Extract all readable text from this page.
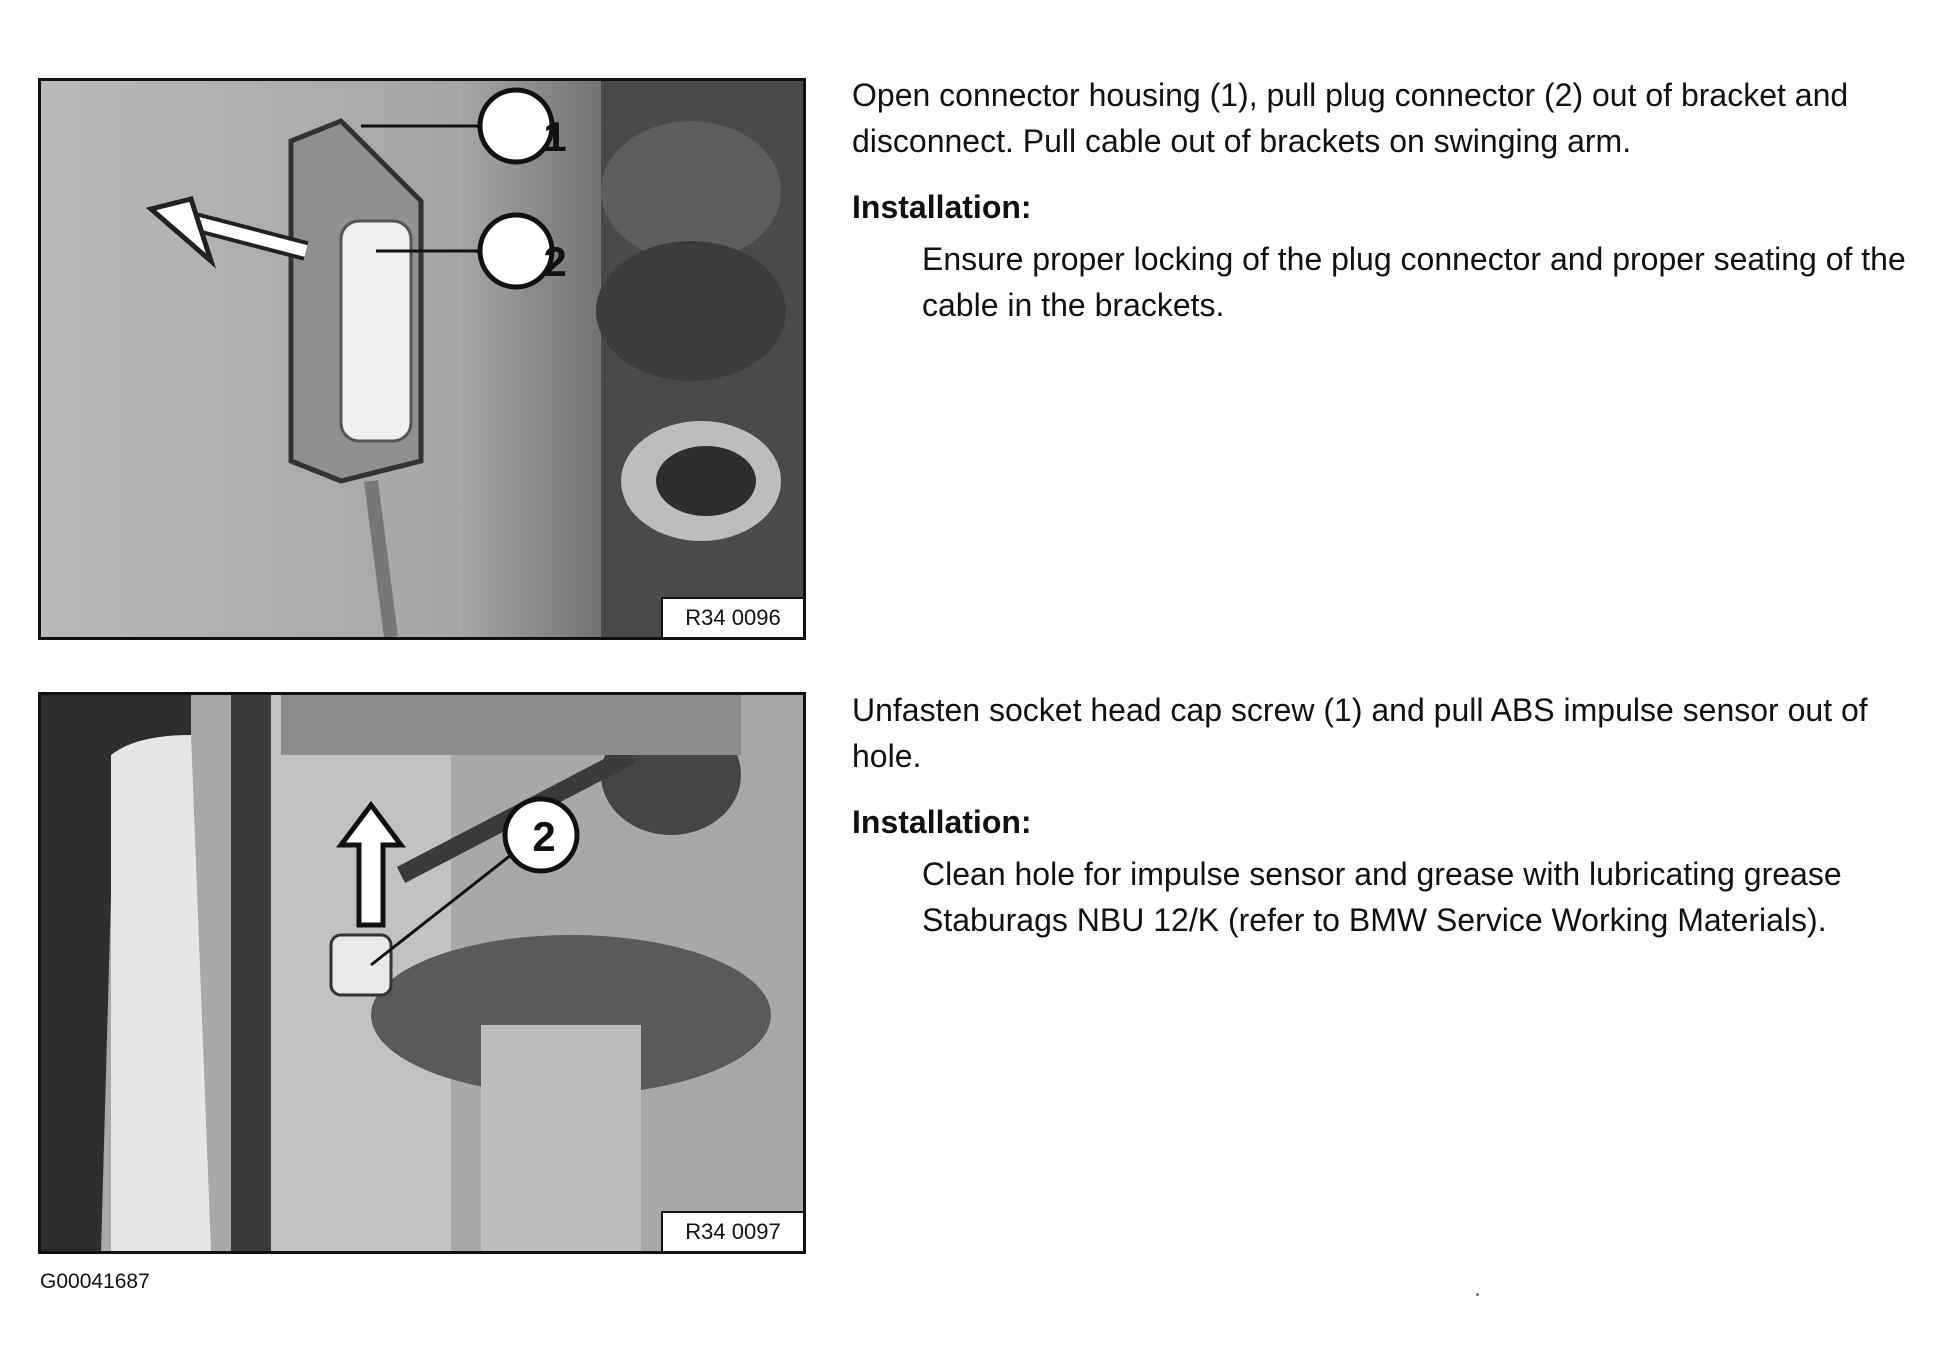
1
2
R34 0096

Open connector housing (1), pull plug connector (2) out of bracket and disconnect. Pull cable out of brackets on swinging arm.

Installation:

Ensure proper locking of the plug connector and proper seating of the cable in the brackets.

2
R34 0097

Unfasten socket head cap screw (1) and pull ABS impulse sensor out of hole.

Installation:

Clean hole for impulse sensor and grease with lubricating grease Staburags NBU 12/K (refer to BMW Service Working Materials).

G00041687
